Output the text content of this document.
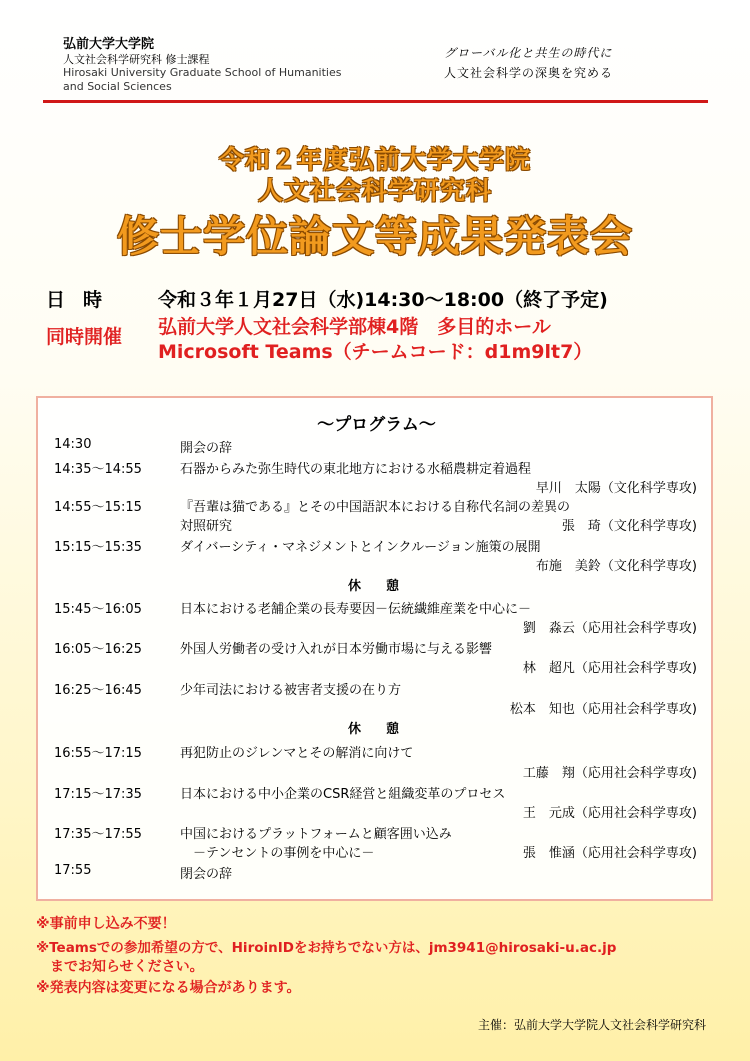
弘前大学大学院
人文社会科学研究科 修士課程
Hirosaki University Graduate School of Humanities
and Social Sciences
グローバル化と共生の時代に
人文社会科学の深奥を究める
令和２年度弘前大学大学院
人文社会科学研究科
修士学位論文等成果発表会
日時 令和３年１月27日（水)14:30～18:00（終了予定)
同時開催 弘前大学人文社会科学部棟4階　多目的ホール
Microsoft Teams（チームコード：d1m9lt7）
～プログラム～
14:30	開会の辞
14:35～14:55	石器からみた弥生時代の東北地方における水稲農耕定着過程
早川　太陽（文化科学専攻)
14:55～15:15	『吾輩は猫である』とその中国語訳本における自称代名詞の差異の
対照研究	張　琦（文化科学専攻)
15:15～15:35	ダイバーシティ・マネジメントとインクルージョン施策の展開
布施　美鈴（文化科学専攻)
休　憩
15:45～16:05	日本における老舗企業の長寿要因－伝統繊維産業を中心に－
劉　淼云（応用社会科学専攻)
16:05～16:25	外国人労働者の受け入れが日本労働市場に与える影響
林　超凡（応用社会科学専攻)
16:25～16:45	少年司法における被害者支援の在り方
松本　知也（応用社会科学専攻)
休　憩
16:55～17:15	再犯防止のジレンマとその解消に向けて
工藤　翔（応用社会科学専攻)
17:15～17:35	日本における中小企業のCSR経営と組織変革のプロセス
王　元成（応用社会科学専攻)
17:35～17:55	中国におけるプラットフォームと顧客囲い込み
－テンセントの事例を中心に－	張　惟涵（応用社会科学専攻)
17:55	閉会の辞
※事前申し込み不要！
※Teamsでの参加希望の方で、HiroinIDをお持ちでない方は、jm3941@hirosaki-u.ac.jp
　までお知らせください。
※発表内容は変更になる場合があります。
主催：弘前大学大学院人文社会科学研究科
